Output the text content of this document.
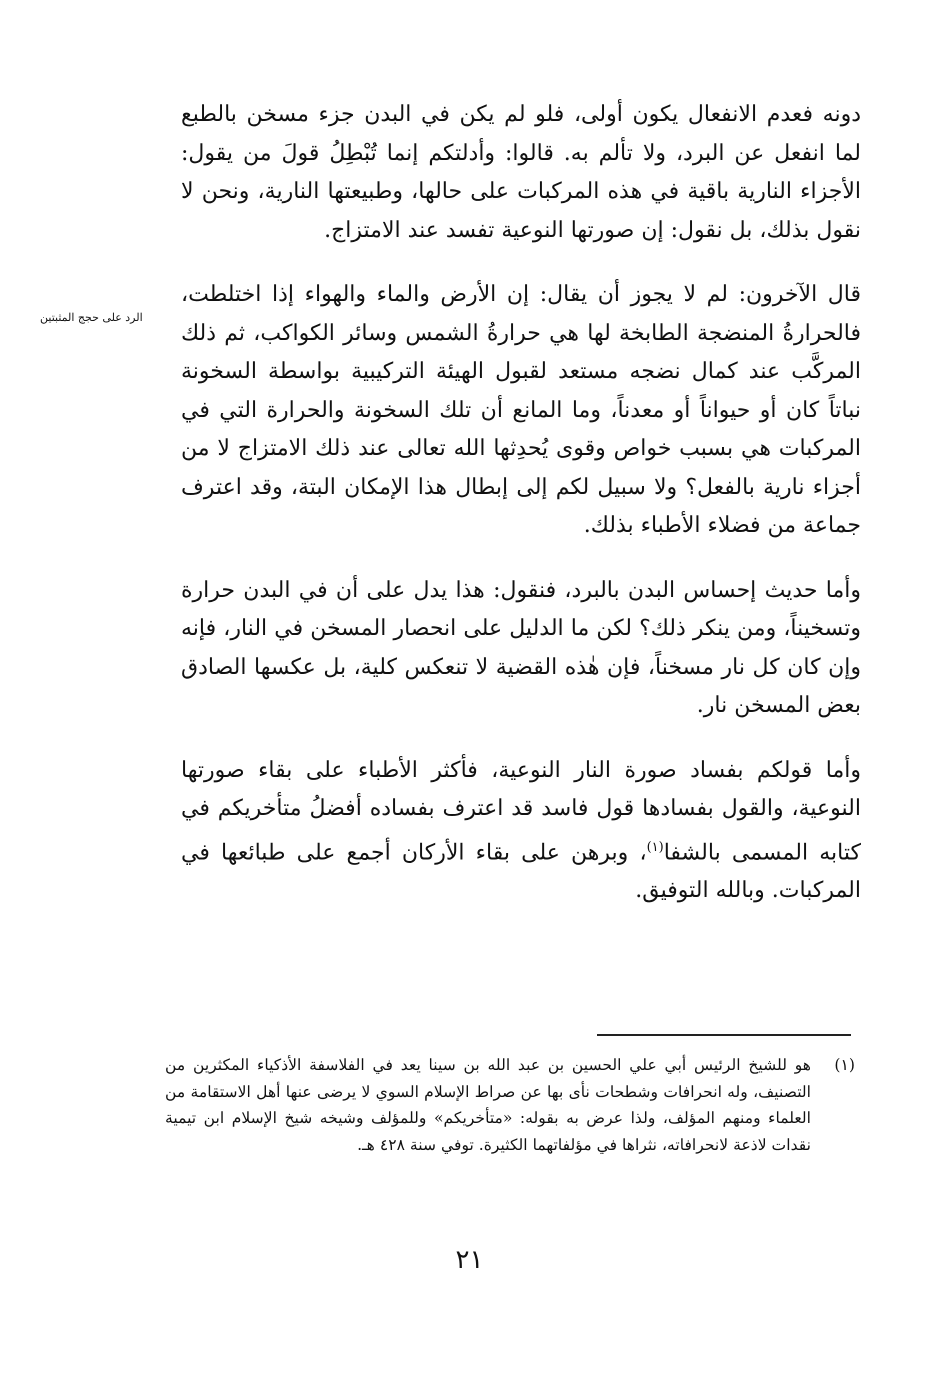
الرد على حجج المثبتين

دونه فعدم الانفعال يكون أولى، فلو لم يكن في البدن جزء مسخن بالطبع لما انفعل عن البرد، ولا تألم به. قالوا: وأدلتكم إنما تُبْطِلُ قولَ من يقول: الأجزاء النارية باقية في هذه المركبات على حالها، وطبيعتها النارية، ونحن لا نقول بذلك، بل نقول: إن صورتها النوعية تفسد عند الامتزاج.

قال الآخرون: لم لا يجوز أن يقال: إن الأرض والماء والهواء إذا اختلطت، فالحرارةُ المنضجة الطابخة لها هي حرارةُ الشمس وسائر الكواكب، ثم ذلك المركَّب عند كمال نضجه مستعد لقبول الهيئة التركيبية بواسطة السخونة نباتاً كان أو حيواناً أو معدناً، وما المانع أن تلك السخونة والحرارة التي في المركبات هي بسبب خواص وقوى يُحدِثها الله تعالى عند ذلك الامتزاج لا من أجزاء نارية بالفعل؟ ولا سبيل لكم إلى إبطال هذا الإمكان البتة، وقد اعترف جماعة من فضلاء الأطباء بذلك.

وأما حديث إحساس البدن بالبرد، فنقول: هذا يدل على أن في البدن حرارة وتسخيناً، ومن ينكر ذلك؟ لكن ما الدليل على انحصار المسخن في النار، فإنه وإن كان كل نار مسخناً، فإن هٰذه القضية لا تنعكس كلية، بل عكسها الصادق بعض المسخن نار.

وأما قولكم بفساد صورة النار النوعية، فأكثر الأطباء على بقاء صورتها النوعية، والقول بفسادها قول فاسد قد اعترف بفساده أفضلُ متأخريكم في كتابه المسمى بالشفا$^{(١)}$، وبرهن على بقاء الأركان أجمع على طبائعها في المركبات. وبالله التوفيق.

(١)
هو للشيخ الرئيس أبي علي الحسين بن عبد الله بن سينا يعد في الفلاسفة الأذكياء المكثرين من التصنيف، وله انحرافات وشطحات نأى بها عن صراط الإسلام السوي لا يرضى عنها أهل الاستقامة من العلماء ومنهم المؤلف، ولذا عرض به بقوله: «متأخريكم» وللمؤلف وشيخه شيخ الإسلام ابن تيمية نقدات لاذعة لانحرافاته، نثراها في مؤلفاتهما الكثيرة. توفي سنة ٤٢٨ هـ.
٢١
